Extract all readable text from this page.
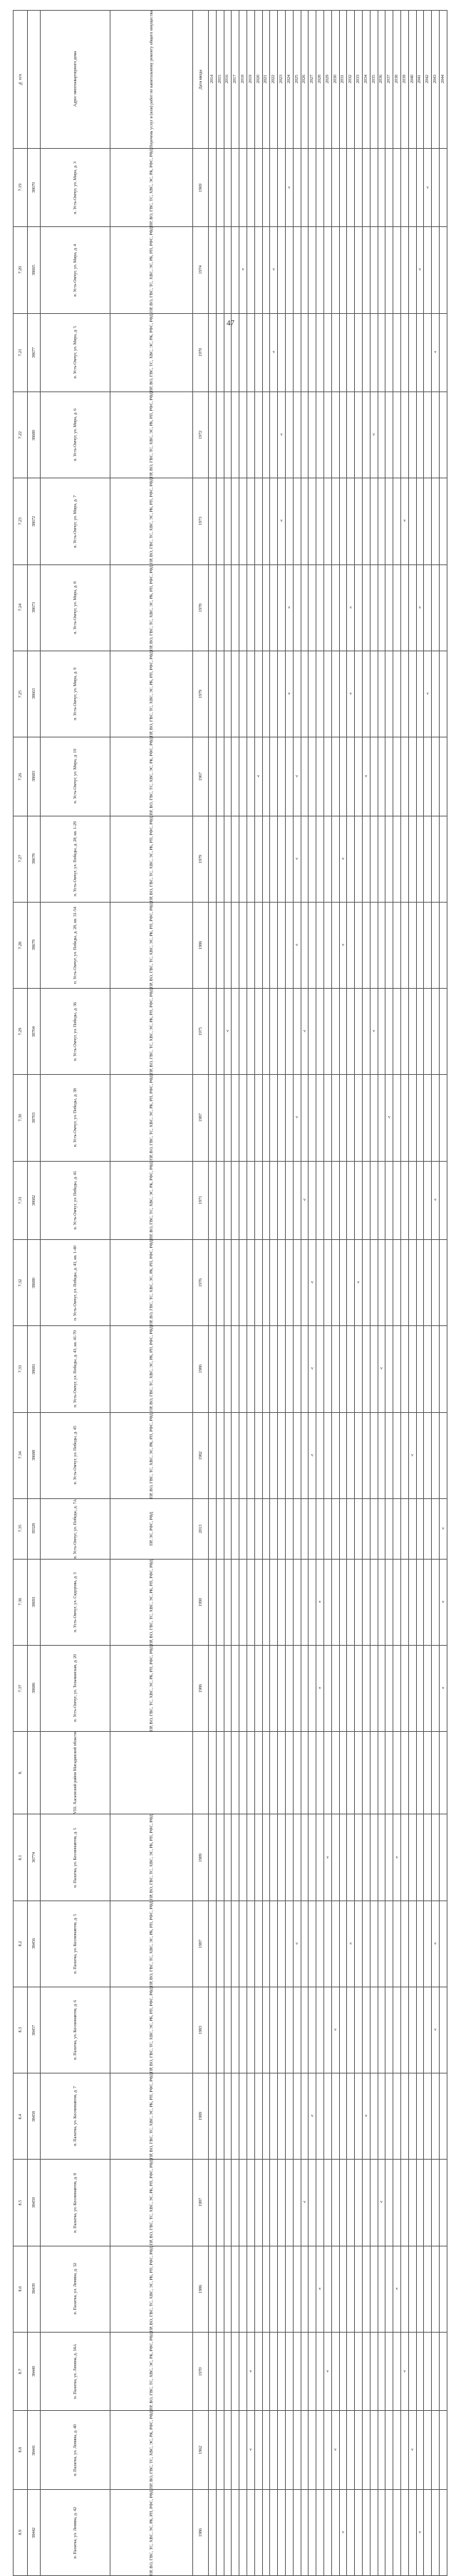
47
№ п/п		Адрес многоквартирного дома	Перечень услуг и (или) работ по капитальному ремонту общего имущества	Дата ввода	2014	2015	2016	2017	2018	2019	2020	2021	2022	2023	2024	2025	2026	2027	2028	2029	2030	2031	2032	2033	2034	2035	2036	2037	2038	2039	2040	2041	2042	2043	2044

7.19	38670	п. Усть-Омчуг, ул. Мира, д. 3	ПР, ВО, ГВС, ТС, ХВС, ЭС, РК, РФС, РФД	1969											v																		v		

7.20	38665	п. Усть-Омчуг, ул. Мира, д. 4	ПР, ВО, ГВС, ТС, ХВС, ЭС, РК, РП, РФС, РФД	1974					v				v																			v			

7.21	38677	п. Усть-Омчуг, ул. Мира, д. 5	ПР, ВО, ГВС, ТС, ХВС, ЭС, РК, РФС, РФД	1970									v																					v	

7.22	38680	п. Усть-Омчуг, ул. Мира, д. 6	ПР, ВО, ГВС, ТС, ХВС, ЭС, РК, РП, РФС, РФД	1972										v												v									

7.23	38672	п. Усть-Омчуг, ул. Мира, д. 7	ПР, ВО, ГВС, ТС, ХВС, ЭС, РК, РП, РФС, РФД	1973										v																v					

7.24	38673	п. Усть-Омчуг, ул. Мира, д. 8	ПР, ВО, ГВС, ТС, ХВС, ЭС, РК, РП, РФС, РФД	1978											v								v									v			

7.25	38663	п. Усть-Омчуг, ул. Мира, д. 9	ПР, ВО, ГВС, ТС, ХВС, ЭС, РК, РП, РФС, РФД	1979											v								v										v		

7.26	38683	п. Усть-Омчуг, ул. Мира, д. 19	ПР, ВО, ГВС, ТС, ХВС, ЭС, РК, РФС, РФД	1967							v					v									v										

7.27	38678	п. Усть-Омчуг, ул. Победы, д. 28, кв. 1-29	ПР, ВО, ГВС, ТС, ХВС, ЭС, РК, РП, РФС, РФД	1979												v						v													

7.28	38679	п. Усть-Омчуг, ул. Победы, д. 28, кв. 31-54	ПР, ВО, ГВС, ТС, ХВС, ЭС, РК, РП, РФС, РФД	1986												v						v													

7.29	38704	п. Усть-Омчуг, ул. Победы, д. 36	ПР, ВО, ГВС, ТС, ХВС, ЭС, РК, РП, РФС, РФД	1975			v										v									v									

7.30	38703	п. Усть-Омчуг, ул. Победы, д. 38	ПР, ВО, ГВС, ТС, ХВС, ЭС, РК, РП, РФС, РФД	1987												v												v							

7.31	38682	п. Усть-Омчуг, ул. Победы, д. 41	ПР, ВО, ГВС, ТС, ХВС, ЭС, РК, РФС, РФД	1971													v																	v	

7.32	38680	п. Усть-Омчуг, ул. Победы, д. 43, кв. 1-40	ПР, ВО, ГВС, ТС, ХВС, ЭС, РК, РП, РФС, РФД	1976														v						v											

7.33	38681	п. Усть-Омчуг, ул. Победы, д. 43, кв. 41-70	ПР, ВО, ГВС, ТС, ХВС, ЭС, РК, РП, РФС, РФД	1986														v									v								

7.34	38688	п. Усть-Омчуг, ул. Победы, д. 45	ПР, ВО, ГВС, ТС, ХВС, ЭС, РК, РП, РФС, РФД	1982														v													v				

7.35	39328	п. Усть-Омчуг, ул. Победы, д. 7А	ПР, ЭС, РФС, РФД	2013																															v

7.36	38691	п. Усть-Омчуг, ул. Сидорова, д. 3	ПР, ВО, ГВС, ТС, ХВС, ЭС, РК, РП, РФС, РФД	1990															v																v

7.37	38686	п. Усть-Омчуг, ул. Тельманская, д. 20	ПР, ВО, ГВС, ТС, ХВС, ЭС, РК, РП, РФС, РФД	1986															v																v

8.		VIII. Хасынский район Магаданской области																																	

8.1	36774	п. Палатка, ул. Космонавтов, д. 5	ПР, ВО, ГВС, ТС, ХВС, ЭС, РК, РП, РФС, РФД	1989																v									v						

8.2	38456	п. Палатка, ул. Космонавтов, д. 5	ПР, ВО, ГВС, ТС, ХВС, ЭС, РК, РП, РФС, РФД	1987												v							v											v	

8.3	38457	п. Палатка, ул. Космонавтов, д. 6	ПР, ВО, ГВС, ТС, ХВС, ЭС, РК, РП, РФС, РФД	1983																	v													v	

8.4	38458	п. Палатка, ул. Космонавтов, д. 7	ПР, ВО, ГВС, ТС, ХВС, ЭС, РК, РП, РФС, РФД	1989														v							v										

8.5	38459	п. Палатка, ул. Космонавтов, д. 8	ПР, ВО, ГВС, ТС, ХВС, ЭС, РК, РП, РФС, РФД	1987													v										v								

8.6	38439	п. Палатка, ул. Ленина, д. 32	ПР, ВО, ГВС, ТС, ХВС, ЭС, РК, РП, РФС, РФД	1986															v										v						

8.7	38440	п. Палатка, ул. Ленина, д. 34А	ПР, ВО, ГВС, ТС, ХВС, ЭС, РК, РФС, РФД	1970						v										v										v					

8.8	38441	п. Палатка, ул. Ленина, д. 40	ПР, ВО, ГВС, ТС, ХВС, ЭС, РК, РФС, РФД	1962						v											v										v				

8.9	38442	п. Палатка, ул. Ленина, д. 42	ПР, ВО, ГВС, ТС, ХВС, ЭС, РК, РП, РФС, РФД	1986																		v										v			
